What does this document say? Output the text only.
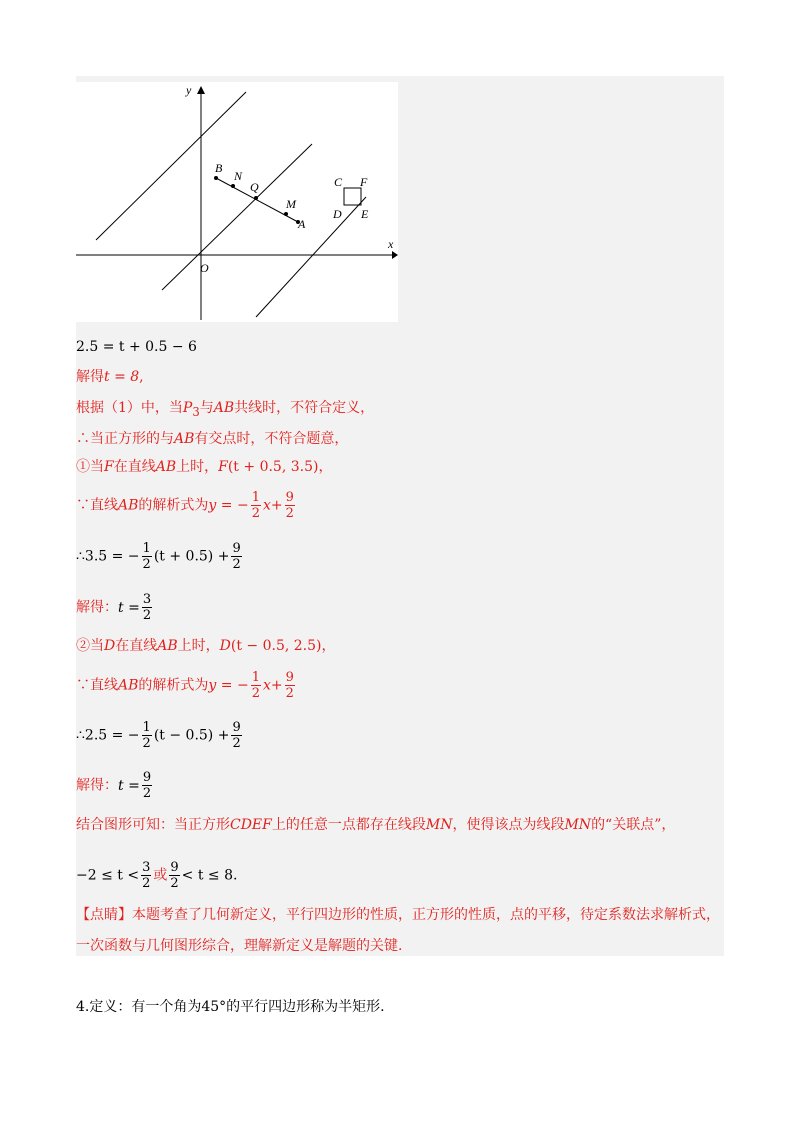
x
y
O
B
N
Q
M
A
C F
D E
2.5 = t + 0.5 − 6
解得t = 8,
根据（1）中，当$P_3$与AB共线时，不符合定义，
∴当正方形的与AB有交点时，不符合题意，
①当F在直线AB上时，F(t + 0.5, 3.5)，
∵直线AB的解析式为y = − $\frac{1}{2} x+ \frac{9}{2}$
∴3.5 = − $\frac{1}{2} (t + 0.5) + \frac{9}{2}$
解得：$t = \frac{3}{2}$
②当D在直线AB上时，D(t − 0.5, 2.5)，
∵直线AB的解析式为y = − $\frac{1}{2} x+ \frac{9}{2}$
∴2.5 = − $\frac{1}{2} (t - 0.5) + \frac{9}{2}$
解得：$t = \frac{9}{2}$
结合图形可知：当正方形CDEF上的任意一点都存在线段MN，使得该点为线段MN的“关联点”，
$-2 \le t < \frac{3}{2}$ 或 $\frac{9}{2} < t \le 8$.
【点睛】本题考查了几何新定义，平行四边形的性质，正方形的性质，点的平移，待定系数法求解析式，
一次函数与几何图形综合，理解新定义是解题的关键.
4.定义：有一个角为45°的平行四边形称为半矩形.
